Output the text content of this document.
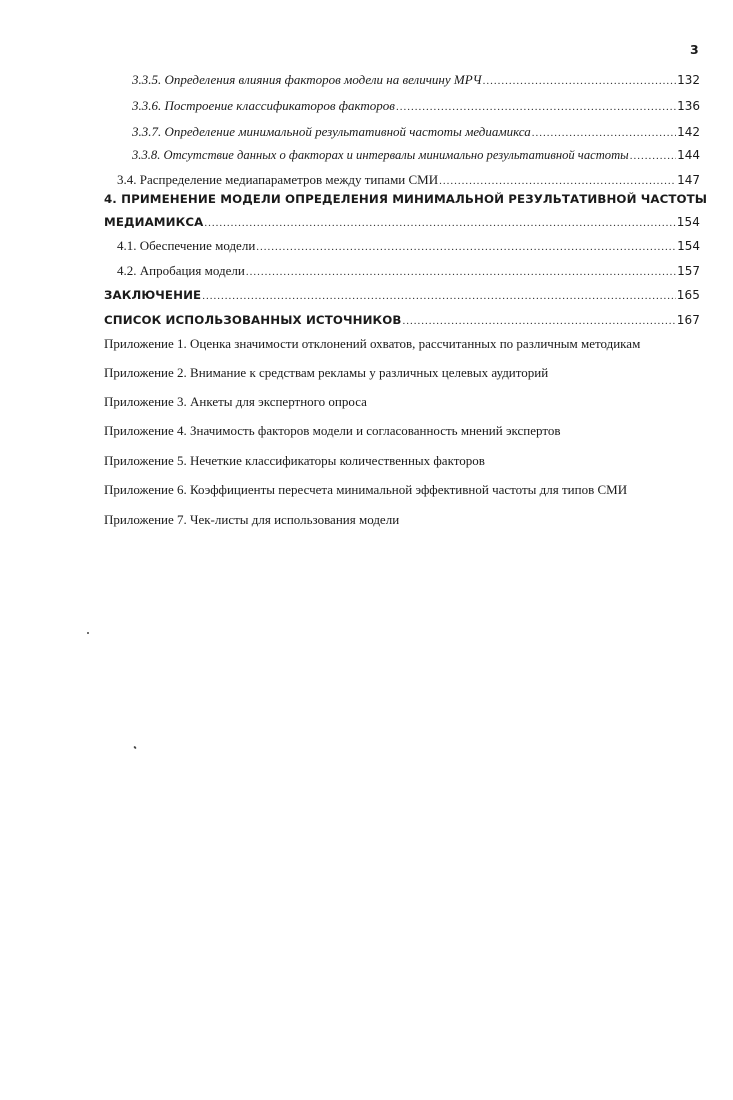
3
3.3.5. Определения влияния факторов модели на величину МРЧ .....	132
3.3.6. Построение классификаторов факторов .....	136
3.3.7. Определение минимальной результативной частоты медиамикса .....	142
3.3.8. Отсутствие данных о факторах и интервалы минимально результативной частоты .....	144
3.4. Распределение медиапараметров между типами СМИ .....	147
4. ПРИМЕНЕНИЕ МОДЕЛИ ОПРЕДЕЛЕНИЯ МИНИМАЛЬНОЙ РЕЗУЛЬТАТИВНОЙ ЧАСТОТЫ
МЕДИАМИКСА .....	154
4.1. Обеспечение модели .....	154
4.2. Апробация модели .....	157
ЗАКЛЮЧЕНИЕ .....	165
СПИСОК ИСПОЛЬЗОВАННЫХ ИСТОЧНИКОВ .....	167
Приложение 1. Оценка значимости отклонений охватов, рассчитанных по различным методикам
Приложение 2. Внимание к средствам рекламы у различных целевых аудиторий
Приложение 3. Анкеты для экспертного опроса
Приложение 4. Значимость факторов модели и согласованность мнений экспертов
Приложение 5. Нечеткие классификаторы количественных факторов
Приложение 6. Коэффициенты пересчета минимальной эффективной частоты для типов СМИ
Приложение 7. Чек-листы для использования модели
